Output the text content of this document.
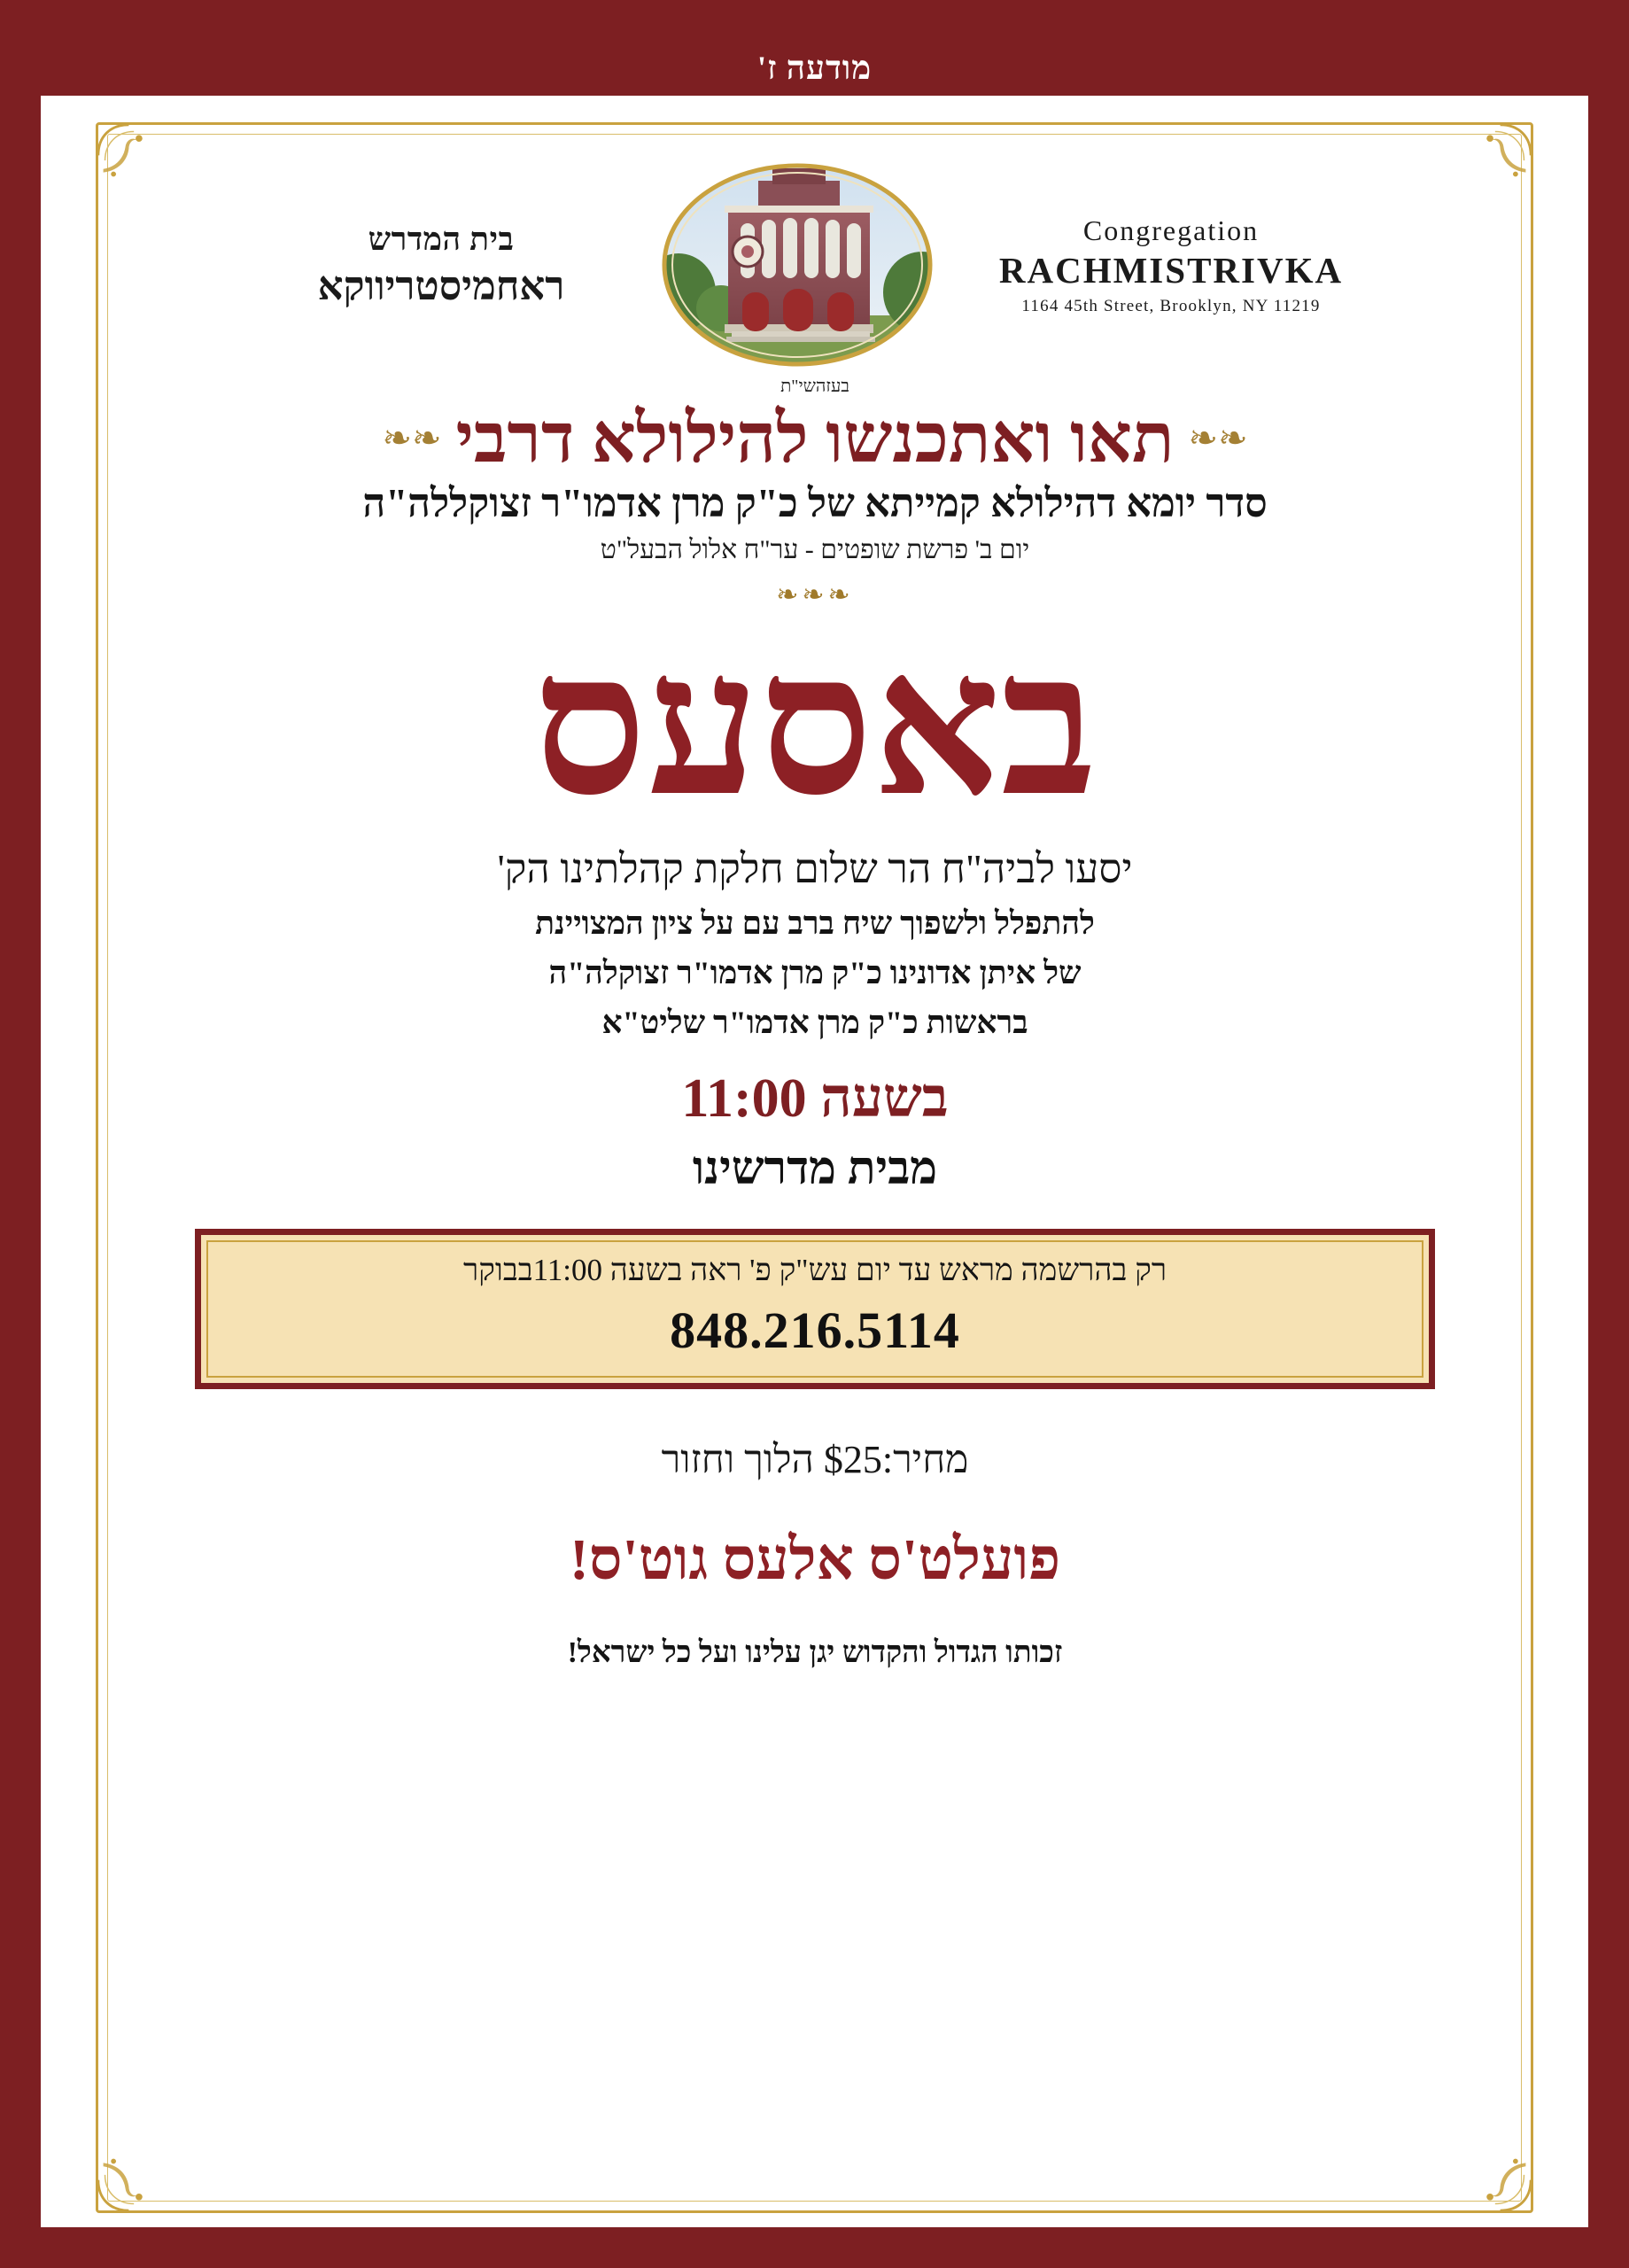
מודעה ז'
Congregation
RACHMISTRIVKA
1164 45th Street, Brooklyn, NY 11219
בית המדרש
ראחמיסטריווקא
בעזהשי"ת
❧❧
תאו ואתכנשו להילולא דרבי
❧❧
סדר יומא דהילולא קמייתא של כ"ק מרן אדמו"ר זצוקללה"ה
יום ב' פרשת שופטים - ער"ח אלול הבעל"ט
❧❧❧
באסעס
יסעו לביה"ח הר שלום חלקת קהלתינו הק'
להתפלל ולשפוך שיח ברב עם על ציון המצויינת
של איתן אדונינו כ"ק מרן אדמו"ר זצוקלה"ה
בראשות כ"ק מרן אדמו"ר שליט"א
בשעה 11:00
מבית מדרשינו
רק בהרשמה מראש עד יום עש"ק פ' ראה בשעה 11:00בבוקר
848.216.5114
מחיר:$25 הלוך וחזור
פועלט'ס אלעס גוט'ס!
זכותו הגדול והקדוש יגן עלינו ועל כל ישראל!
